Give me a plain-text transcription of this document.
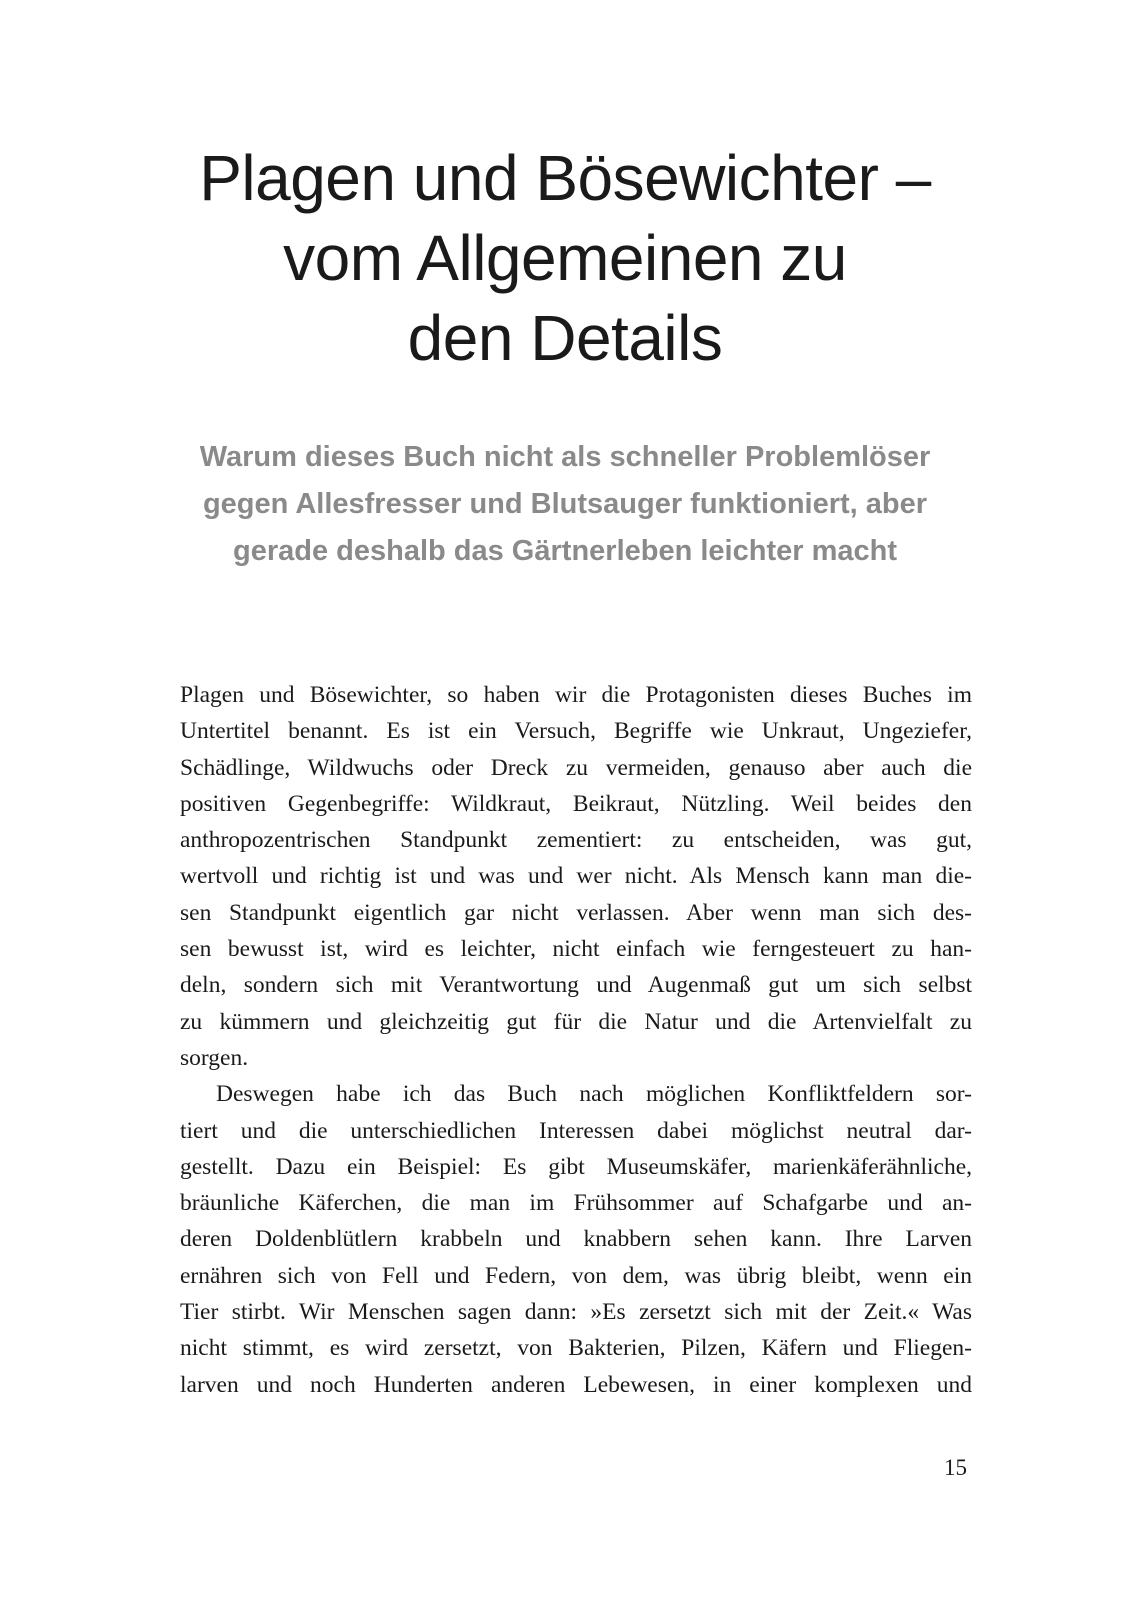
Plagen und Bösewichter –
vom Allgemeinen zu
den Details
Warum dieses Buch nicht als schneller Problemlöser
gegen Allesfresser und Blutsauger funktioniert, aber
gerade deshalb das Gärtnerleben leichter macht

Plagen und Bösewichter, so haben wir die Protagonisten dieses Buches im
Untertitel benannt. Es ist ein Versuch, Begriffe wie Unkraut, Ungeziefer,
Schädlinge, Wildwuchs oder Dreck zu vermeiden, genauso aber auch die
positiven Gegenbegriffe: Wildkraut, Beikraut, Nützling. Weil beides den
anthropozentrischen Standpunkt zementiert: zu entscheiden, was gut,
wertvoll und richtig ist und was und wer nicht. Als Mensch kann man die-
sen Standpunkt eigentlich gar nicht verlassen. Aber wenn man sich des-
sen bewusst ist, wird es leichter, nicht einfach wie ferngesteuert zu han-
deln, sondern sich mit Verantwortung und Augenmaß gut um sich selbst
zu kümmern und gleichzeitig gut für die Natur und die Artenvielfalt zu
sorgen.

Deswegen habe ich das Buch nach möglichen Konfliktfeldern sor-
tiert und die unterschiedlichen Interessen dabei möglichst neutral dar-
gestellt. Dazu ein Beispiel: Es gibt Museumskäfer, marienkäferähnliche,
bräunliche Käferchen, die man im Frühsommer auf Schafgarbe und an-
deren Doldenblütlern krabbeln und knabbern sehen kann. Ihre Larven
ernähren sich von Fell und Federn, von dem, was übrig bleibt, wenn ein
Tier stirbt. Wir Menschen sagen dann: »Es zersetzt sich mit der Zeit.« Was
nicht stimmt, es wird zersetzt, von Bakterien, Pilzen, Käfern und Fliegen-
larven und noch Hunderten anderen Lebewesen, in einer komplexen und

15
